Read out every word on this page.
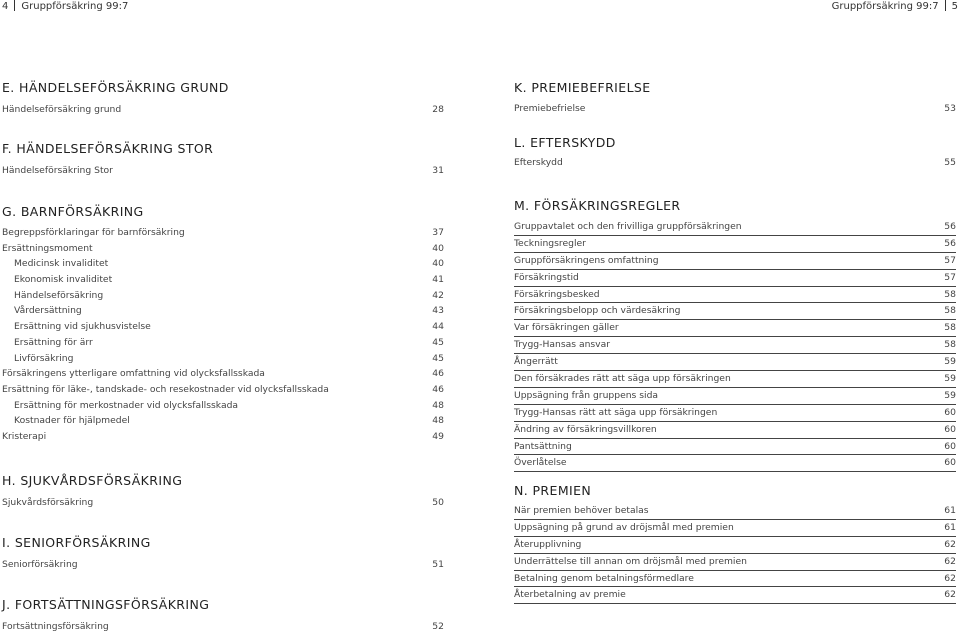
4 Gruppförsäkring 99:7	Gruppförsäkring 99:7 5
E. HÄNDELSEFÖRSÄKRING GRUND
Händelseförsäkring grund	28
F. HÄNDELSEFÖRSÄKRING STOR
Händelseförsäkring Stor	31
G. BARNFÖRSÄKRING
Begreppsförklaringar för barnförsäkring	37
Ersättningsmoment	40
Medicinsk invaliditet	40
Ekonomisk invaliditet	41
Händelseförsäkring	42
Vårdersättning	43
Ersättning vid sjukhusvistelse	44
Ersättning för ärr	45
Livförsäkring	45
Försäkringens ytterligare omfattning vid olycksfallsskada	46
Ersättning för läke-, tandskade- och resekostnader vid olycksfallsskada	46
Ersättning för merkostnader vid olycksfallsskada	48
Kostnader för hjälpmedel	48
Kristerapi	49
H. SJUKVÅRDSFÖRSÄKRING
Sjukvårdsförsäkring	50
I. SENIORFÖRSÄKRING
Seniorförsäkring	51
J. FORTSÄTTNINGSFÖRSÄKRING
Fortsättningsförsäkring	52
K. PREMIEBEFRIELSE
Premiebefrielse	53
L. EFTERSKYDD
Efterskydd	55
M. FÖRSÄKRINGSREGLER
Gruppavtalet och den frivilliga gruppförsäkringen	56
Teckningsregler	56
Gruppförsäkringens omfattning	57
Försäkringstid	57
Försäkringsbesked	58
Försäkringsbelopp och värdesäkring	58
Var försäkringen gäller	58
Trygg-Hansas ansvar	58
Ångerrätt	59
Den försäkrades rätt att säga upp försäkringen	59
Uppsägning från gruppens sida	59
Trygg-Hansas rätt att säga upp försäkringen	60
Ändring av försäkringsvillkoren	60
Pantsättning	60
Överlåtelse	60
N. PREMIEN
När premien behöver betalas	61
Uppsägning på grund av dröjsmål med premien	61
Återupplivning	62
Underrättelse till annan om dröjsmål med premien	62
Betalning genom betalningsförmedlare	62
Återbetalning av premie	62
